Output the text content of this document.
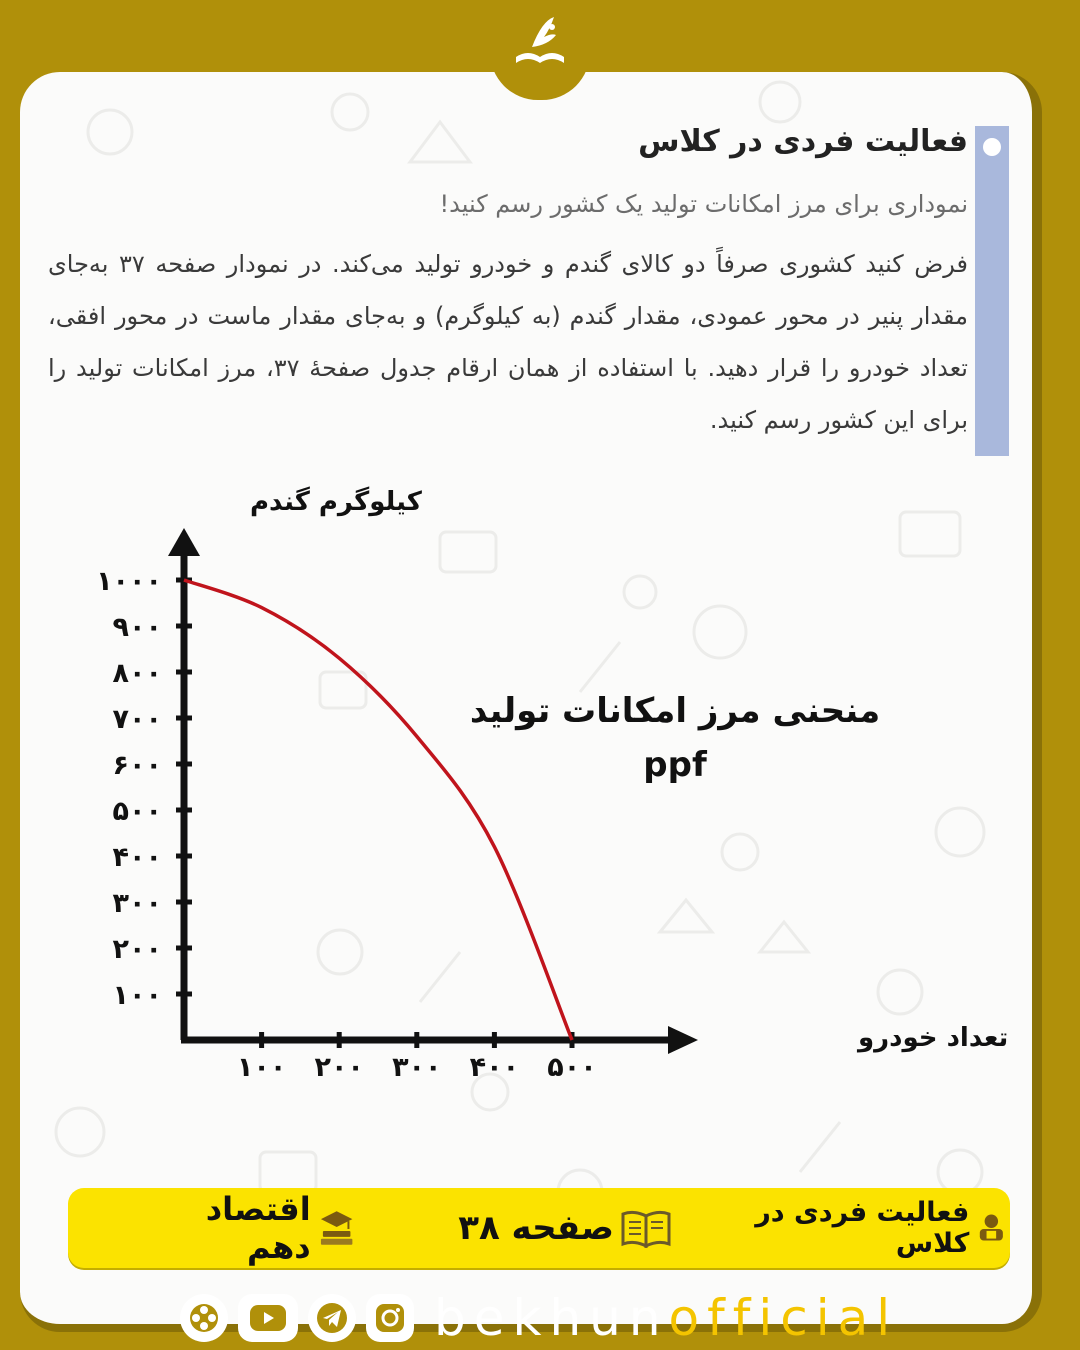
فعالیت فردی در کلاس
نموداری برای مرز امکانات تولید یک کشور رسم کنید!
فرض کنید کشوری صرفاً دو کالای گندم و خودرو تولید می‌کند. در نمودار صفحه ۳۷ به‌جای مقدار پنیر در محور عمودی، مقدار گندم (به کیلوگرم) و به‌جای مقدار ماست در محور افقی، تعداد خودرو را قرار دهید. با استفاده از همان ارقام جدول صفحهٔ ۳۷، مرز امکانات تولید را برای این کشور رسم کنید.
۱۰۰
۲۰۰
۳۰۰
۴۰۰
۵۰۰
۶۰۰
۷۰۰
۸۰۰
۹۰۰
۱۰۰۰
۱۰۰ ۲۰۰ ۳۰۰ ۴۰۰ ۵۰۰
کیلوگرم گندم
تعداد خودرو
منحنی مرز امکانات تولید
ppf
فعالیت فردی در کلاس
صفحه ۳۸
اقتصاد دهم
bekhunofficial
